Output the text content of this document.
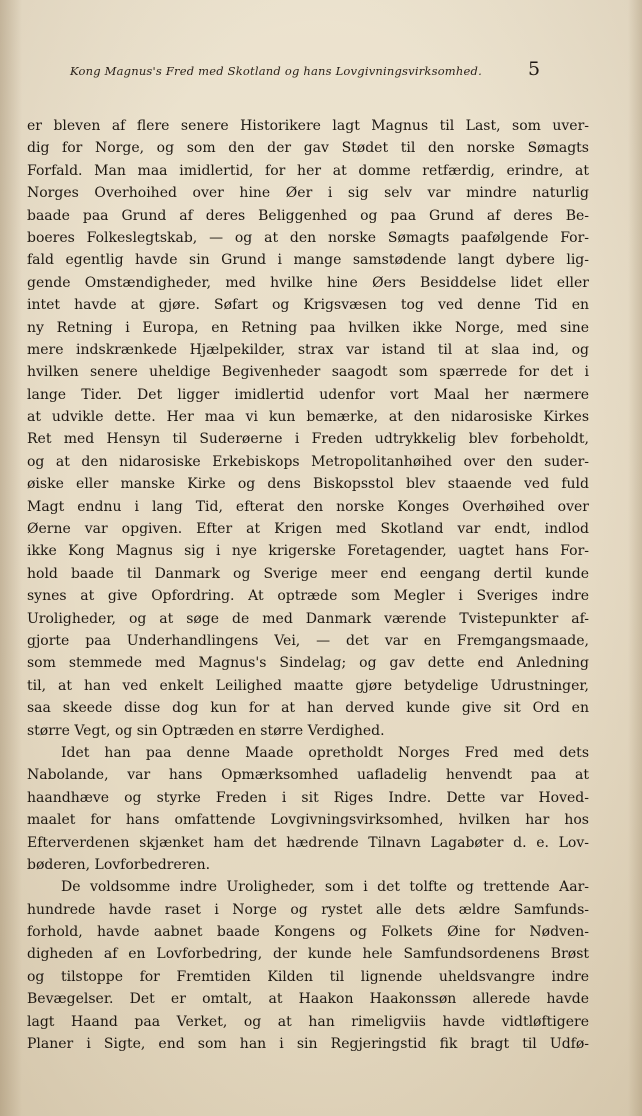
Kong Magnus's Fred med Skotland og hans Lovgivningsvirksomhed.	5
er bleven af flere senere Historikere lagt Magnus til Last, som uver-
dig for Norge, og som den der gav Stødet til den norske Sømagts
Forfald. Man maa imidlertid, for her at domme retfærdig, erindre, at
Norges Overhoihed over hine Øer i sig selv var mindre naturlig
baade paa Grund af deres Beliggenhed og paa Grund af deres Be-
boeres Folkeslegtskab, — og at den norske Sømagts paafølgende For-
fald egentlig havde sin Grund i mange samstødende langt dybere lig-
gende Omstændigheder, med hvilke hine Øers Besiddelse lidet eller
intet havde at gjøre. Søfart og Krigsvæsen tog ved denne Tid en
ny Retning i Europa, en Retning paa hvilken ikke Norge, med sine
mere indskrænkede Hjælpekilder, strax var istand til at slaa ind, og
hvilken senere uheldige Begivenheder saagodt som spærrede for det i
lange Tider. Det ligger imidlertid udenfor vort Maal her nærmere
at udvikle dette. Her maa vi kun bemærke, at den nidarosiske Kirkes
Ret med Hensyn til Suderøerne i Freden udtrykkelig blev forbeholdt,
og at den nidarosiske Erkebiskops Metropolitanhøihed over den suder-
øiske eller manske Kirke og dens Biskopsstol blev staaende ved fuld
Magt endnu i lang Tid, efterat den norske Konges Overhøihed over
Øerne var opgiven. Efter at Krigen med Skotland var endt, indlod
ikke Kong Magnus sig i nye krigerske Foretagender, uagtet hans For-
hold baade til Danmark og Sverige meer end eengang dertil kunde
synes at give Opfordring. At optræde som Megler i Sveriges indre
Uroligheder, og at søge de med Danmark værende Tvistepunkter af-
gjorte paa Underhandlingens Vei, — det var en Fremgangsmaade,
som stemmede med Magnus's Sindelag; og gav dette end Anledning
til, at han ved enkelt Leilighed maatte gjøre betydelige Udrustninger,
saa skeede disse dog kun for at han derved kunde give sit Ord en
større Vegt, og sin Optræden en større Verdighed.
Idet han paa denne Maade opretholdt Norges Fred med dets
Nabolande, var hans Opmærksomhed uafladelig henvendt paa at
haandhæve og styrke Freden i sit Riges Indre. Dette var Hoved-
maalet for hans omfattende Lovgivningsvirksomhed, hvilken har hos
Efterverdenen skjænket ham det hædrende Tilnavn Lagabøter d. e. Lov-
bøderen, Lovforbedreren.
De voldsomme indre Uroligheder, som i det tolfte og trettende Aar-
hundrede havde raset i Norge og rystet alle dets ældre Samfunds-
forhold, havde aabnet baade Kongens og Folkets Øine for Nødven-
digheden af en Lovforbedring, der kunde hele Samfundsordenens Brøst
og tilstoppe for Fremtiden Kilden til lignende uheldsvangre indre
Bevægelser. Det er omtalt, at Haakon Haakonssøn allerede havde
lagt Haand paa Verket, og at han rimeligviis havde vidtløftigere
Planer i Sigte, end som han i sin Regjeringstid fik bragt til Udfø-
